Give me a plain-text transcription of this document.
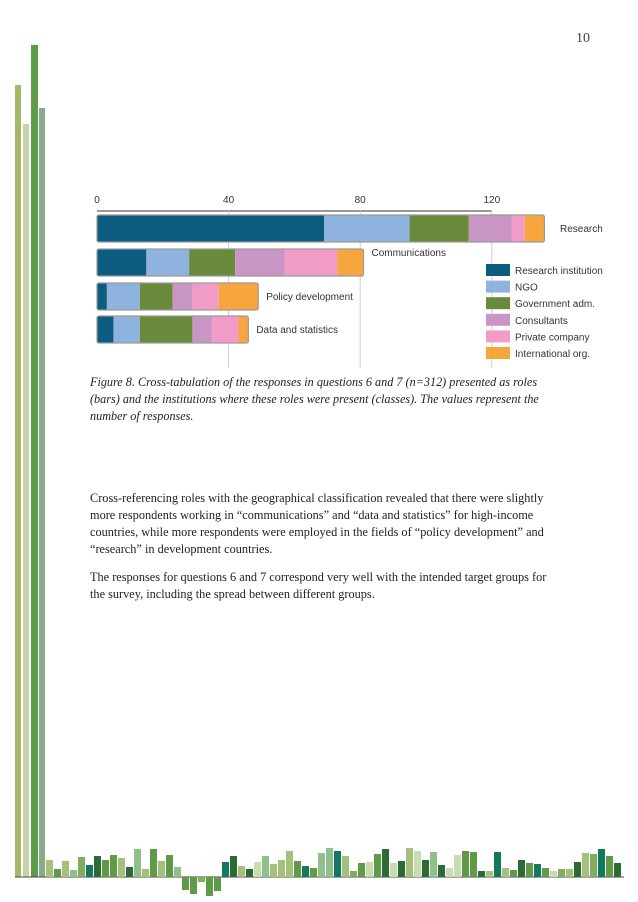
10
0	40	80	120
Research
Communications
Policy development
Data and statistics
Research institution
NGO
Government adm.
Consultants
Private company
International org.
Figure 8. Cross-tabulation of the responses in questions 6 and 7 (n=312) presented as roles (bars) and the institutions where these roles were present (classes). The values represent the number of responses.

Cross-referencing roles with the geographical classification revealed that there were slightly more respondents working in “communications” and “data and statistics” for high-income countries, while more respondents were employed in the fields of “policy development” and “research” in development countries.

The responses for questions 6 and 7 correspond very well with the intended target groups for the survey, including the spread between different groups.
